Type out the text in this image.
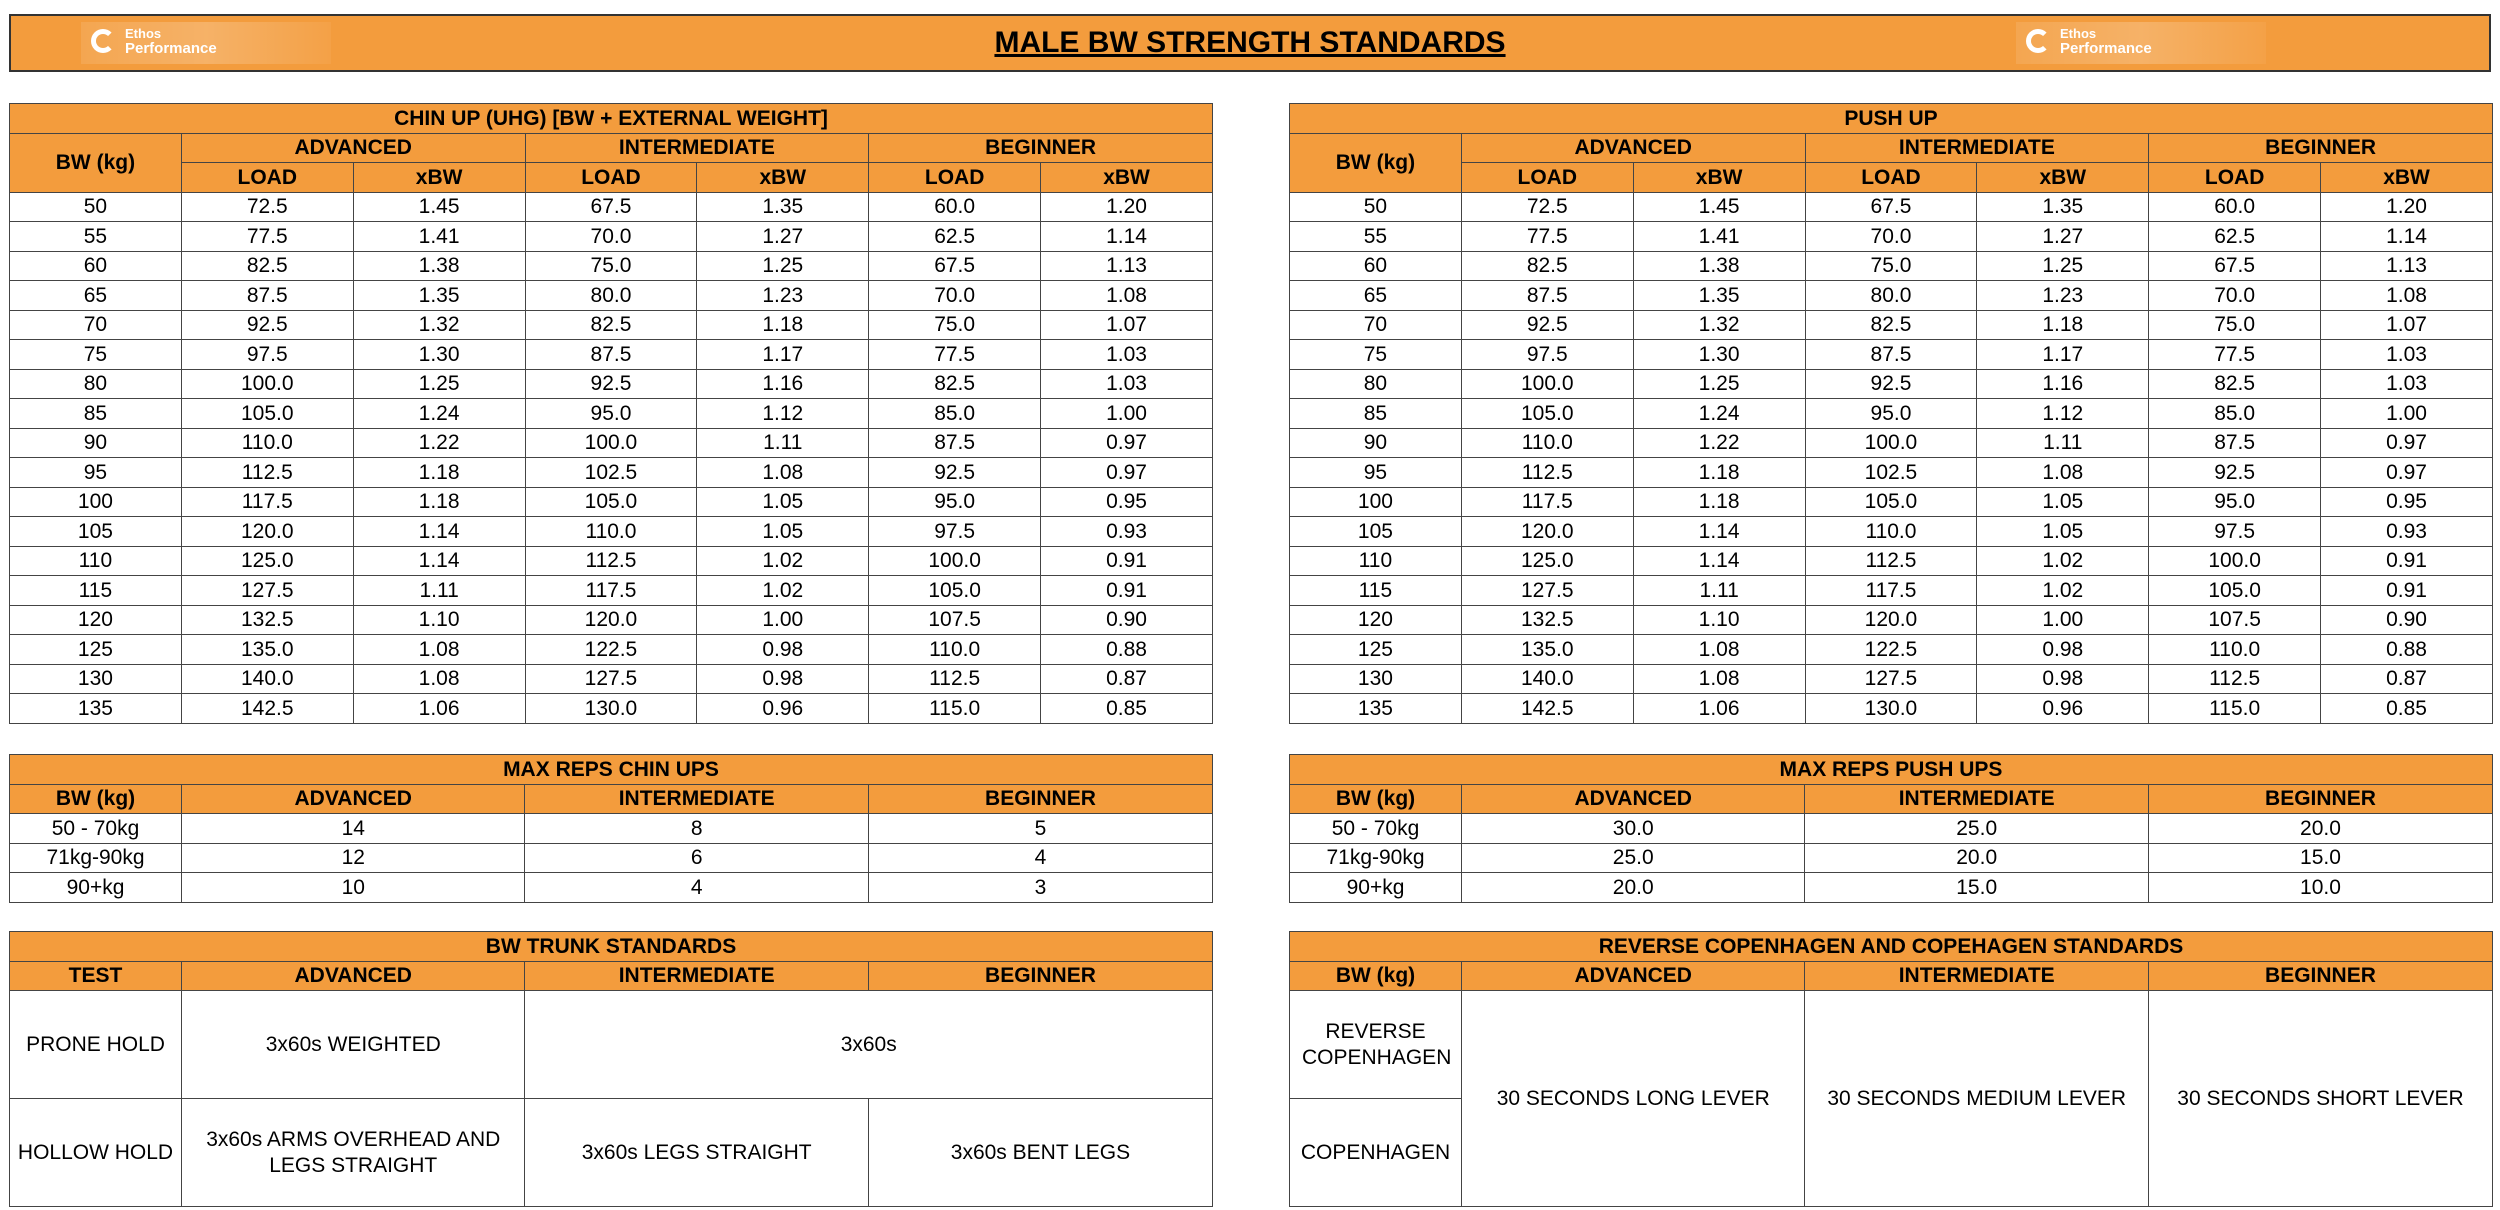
Ethos
Performance	MALE BW STRENGTH STANDARDS	Ethos
Performance
CHIN UP (UHG) [BW + EXTERNAL WEIGHT]						
BW (kg)	ADVANCED		INTERMEDIATE		BEGINNER	
	LOAD	xBW	LOAD	xBW	LOAD	xBW
50	72.5	1.45	67.5	1.35	60.0	1.20
55	77.5	1.41	70.0	1.27	62.5	1.14
60	82.5	1.38	75.0	1.25	67.5	1.13
65	87.5	1.35	80.0	1.23	70.0	1.08
70	92.5	1.32	82.5	1.18	75.0	1.07
75	97.5	1.30	87.5	1.17	77.5	1.03
80	100.0	1.25	92.5	1.16	82.5	1.03
85	105.0	1.24	95.0	1.12	85.0	1.00
90	110.0	1.22	100.0	1.11	87.5	0.97
95	112.5	1.18	102.5	1.08	92.5	0.97
100	117.5	1.18	105.0	1.05	95.0	0.95
105	120.0	1.14	110.0	1.05	97.5	0.93
110	125.0	1.14	112.5	1.02	100.0	0.91
115	127.5	1.11	117.5	1.02	105.0	0.91
120	132.5	1.10	120.0	1.00	107.5	0.90
125	135.0	1.08	122.5	0.98	110.0	0.88
130	140.0	1.08	127.5	0.98	112.5	0.87
135	142.5	1.06	130.0	0.96	115.0	0.85
PUSH UP						
BW (kg)	ADVANCED		INTERMEDIATE		BEGINNER	
	LOAD	xBW	LOAD	xBW	LOAD	xBW
50	72.5	1.45	67.5	1.35	60.0	1.20
55	77.5	1.41	70.0	1.27	62.5	1.14
60	82.5	1.38	75.0	1.25	67.5	1.13
65	87.5	1.35	80.0	1.23	70.0	1.08
70	92.5	1.32	82.5	1.18	75.0	1.07
75	97.5	1.30	87.5	1.17	77.5	1.03
80	100.0	1.25	92.5	1.16	82.5	1.03
85	105.0	1.24	95.0	1.12	85.0	1.00
90	110.0	1.22	100.0	1.11	87.5	0.97
95	112.5	1.18	102.5	1.08	92.5	0.97
100	117.5	1.18	105.0	1.05	95.0	0.95
105	120.0	1.14	110.0	1.05	97.5	0.93
110	125.0	1.14	112.5	1.02	100.0	0.91
115	127.5	1.11	117.5	1.02	105.0	0.91
120	132.5	1.10	120.0	1.00	107.5	0.90
125	135.0	1.08	122.5	0.98	110.0	0.88
130	140.0	1.08	127.5	0.98	112.5	0.87
135	142.5	1.06	130.0	0.96	115.0	0.85
MAX REPS CHIN UPS			
BW (kg)	ADVANCED	INTERMEDIATE	BEGINNER
50 - 70kg	14	8	5
71kg-90kg	12	6	4
90+kg	10	4	3
MAX REPS PUSH UPS			
BW (kg)	ADVANCED	INTERMEDIATE	BEGINNER
50 - 70kg	30.0	25.0	20.0
71kg-90kg	25.0	20.0	15.0
90+kg	20.0	15.0	10.0
BW TRUNK STANDARDS			
TEST	ADVANCED	INTERMEDIATE	BEGINNER
PRONE HOLD	3x60s WEIGHTED	3x60s	
HOLLOW HOLD	3x60s ARMS OVERHEAD AND LEGS STRAIGHT	3x60s LEGS STRAIGHT	3x60s BENT LEGS
REVERSE COPENHAGEN AND COPEHAGEN STANDARDS			
BW (kg)	ADVANCED	INTERMEDIATE	BEGINNER
REVERSE COPENHAGEN	30 SECONDS LONG LEVER	30 SECONDS MEDIUM LEVER	30 SECONDS SHORT LEVER
COPENHAGEN			
